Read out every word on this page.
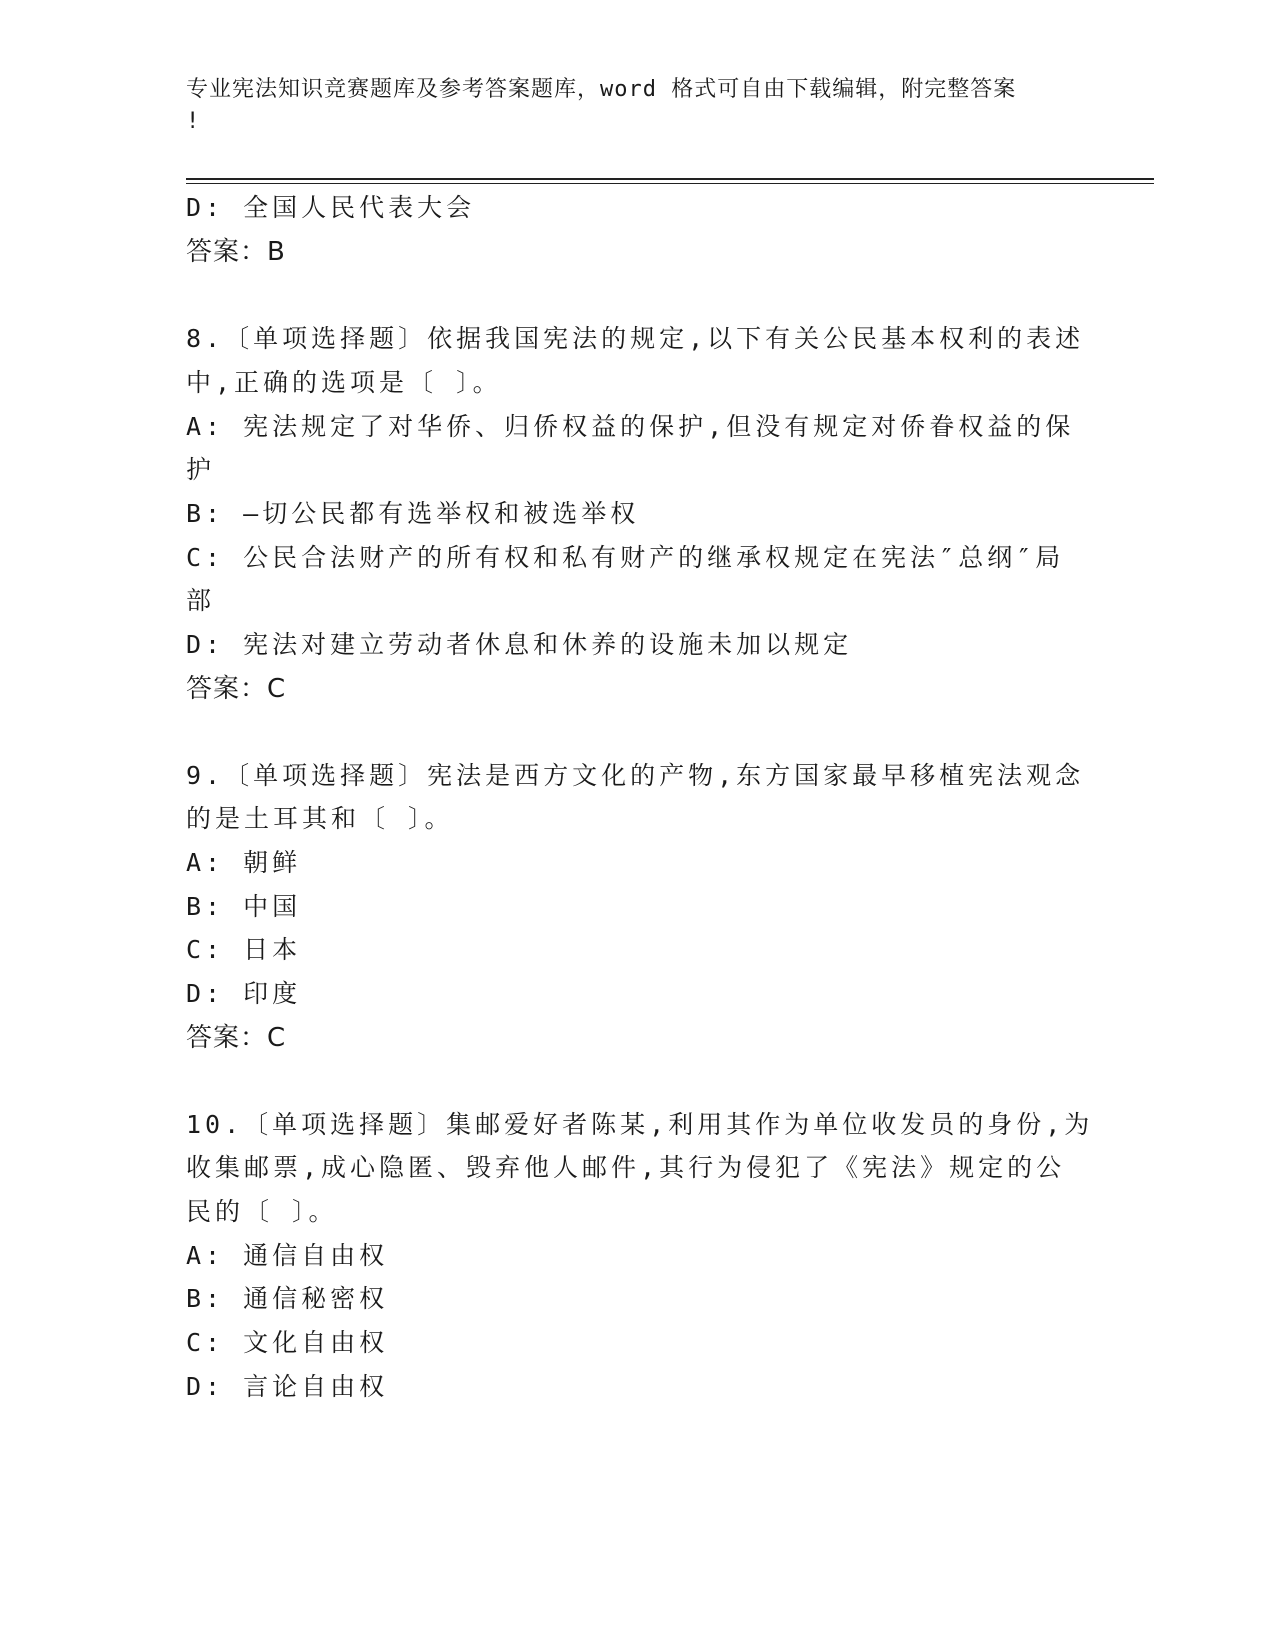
专业宪法知识竞赛题库及参考答案题库，word 格式可自由下载编辑，附完整答案
!
D: 全国人民代表大会
答案：B
8.〔单项选择题〕依据我国宪法的规定,以下有关公民基本权利的表述
中,正确的选项是〔 〕。
A: 宪法规定了对华侨、归侨权益的保护,但没有规定对侨眷权益的保
护
B: —切公民都有选举权和被选举权
C: 公民合法财产的所有权和私有财产的继承权规定在宪法″总纲″局
部
D: 宪法对建立劳动者休息和休养的设施未加以规定
答案：C
9.〔单项选择题〕宪法是西方文化的产物,东方国家最早移植宪法观念
的是土耳其和〔 〕。
A: 朝鲜
B: 中国
C: 日本
D: 印度
答案：C
10.〔单项选择题〕集邮爱好者陈某,利用其作为单位收发员的身份,为
收集邮票,成心隐匿、毁弃他人邮件,其行为侵犯了《宪法》规定的公
民的〔 〕。
A: 通信自由权
B: 通信秘密权
C: 文化自由权
D: 言论自由权
